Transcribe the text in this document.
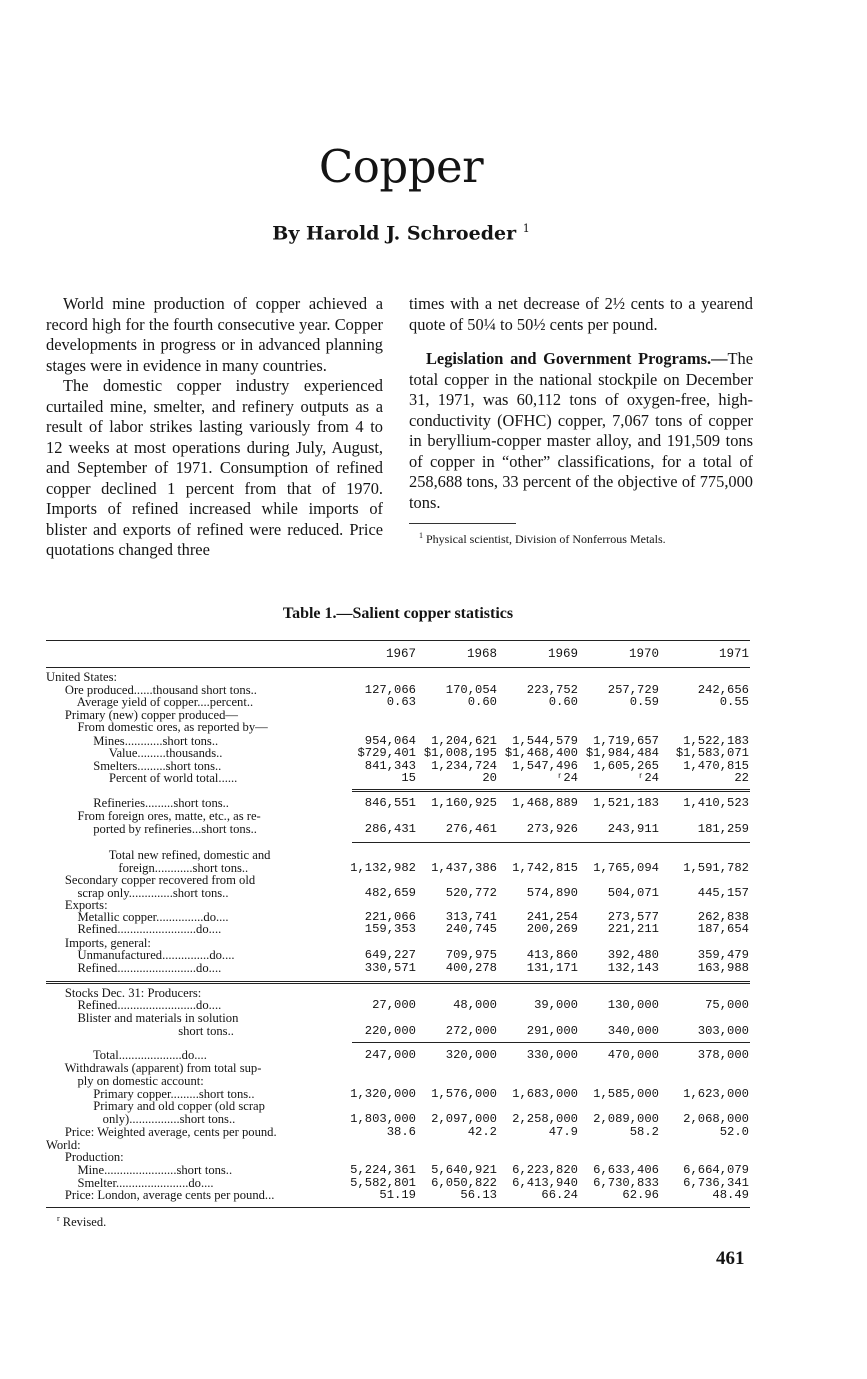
Copper
By Harold J. Schroeder $^1$

World mine production of copper achieved a record high for the fourth consecutive year. Copper developments in progress or in advanced planning stages were in evidence in many countries.

The domestic copper industry experienced curtailed mine, smelter, and refinery outputs as a result of labor strikes lasting variously from 4 to 12 weeks at most operations during July, August, and September of 1971. Consumption of refined copper declined 1 percent from that of 1970. Imports of refined increased while imports of blister and exports of refined were reduced. Price quotations changed three

times with a net decrease of 2½ cents to a yearend quote of 50¼ to 50½ cents per pound.

Legislation and Government Programs.—The total copper in the national stockpile on December 31, 1971, was 60,112 tons of oxygen-free, high-conductivity (OFHC) copper, 7,067 tons of copper in beryllium-copper master alloy, and 191,509 tons of copper in “other” classifications, for a total of 258,688 tons, 33 percent of the objective of 775,000 tons.

$^1$ Physical scientist, Division of Nonferrous Metals.
Table 1.—Salient copper statistics
1967	1968	1969	1970	1971
United States:
Ore produced......thousand short tons..	127,066	170,054	223,752	257,729	242,656
Average yield of copper....percent..	0.63	0.60	0.60	0.59	0.55
Primary (new) copper produced—
From domestic ores, as reported by—
Mines............short tons..	954,064	1,204,621	1,544,579	1,719,657	1,522,183
Value.........thousands..	$729,401 $1,008,195 $1,468,400 $1,984,484	$1,583,071
Smelters.........short tons..	841,343	1,234,724	1,547,496	1,605,265	1,470,815
Percent of world total......	15	20	ʳ24	ʳ24	22
Refineries.........short tons..	846,551	1,160,925	1,468,889	1,521,183	1,410,523
From foreign ores, matte, etc., as re-
ported by refineries...short tons..	286,431	276,461	273,926	243,911	181,259
Total new refined, domestic and
foreign............short tons..	1,132,982	1,437,386	1,742,815	1,765,094	1,591,782
Secondary copper recovered from old
scrap only..............short tons..	482,659	520,772	574,890	504,071	445,157
Exports:
Metallic copper...............do....	221,066	313,741	241,254	273,577	262,838
Refined.........................do....	159,353	240,745	200,269	221,211	187,654
Imports, general:
Unmanufactured...............do....	649,227	709,975	413,860	392,480	359,479
Refined.........................do....	330,571	400,278	131,171	132,143	163,988
Stocks Dec. 31: Producers:
Refined.........................do....	27,000	48,000	39,000	130,000	75,000
Blister and materials in solution
short tons..	220,000	272,000	291,000	340,000	303,000
Total....................do....	247,000	320,000	330,000	470,000	378,000
Withdrawals (apparent) from total sup-
ply on domestic account:
Primary copper.........short tons..	1,320,000	1,576,000	1,683,000	1,585,000	1,623,000
Primary and old copper (old scrap
only)................short tons..	1,803,000	2,097,000	2,258,000	2,089,000	2,068,000
Price: Weighted average, cents per pound.	38.6	42.2	47.9	58.2	52.0
World:
Production:
Mine.......................short tons..	5,224,361	5,640,921	6,223,820	6,633,406	6,664,079
Smelter.......................do....	5,582,801	6,050,822	6,413,940	6,730,833	6,736,341
Price: London, average cents per pound...	51.19	56.13	66.24	62.96	48.49
$^r$ Revised.
461
